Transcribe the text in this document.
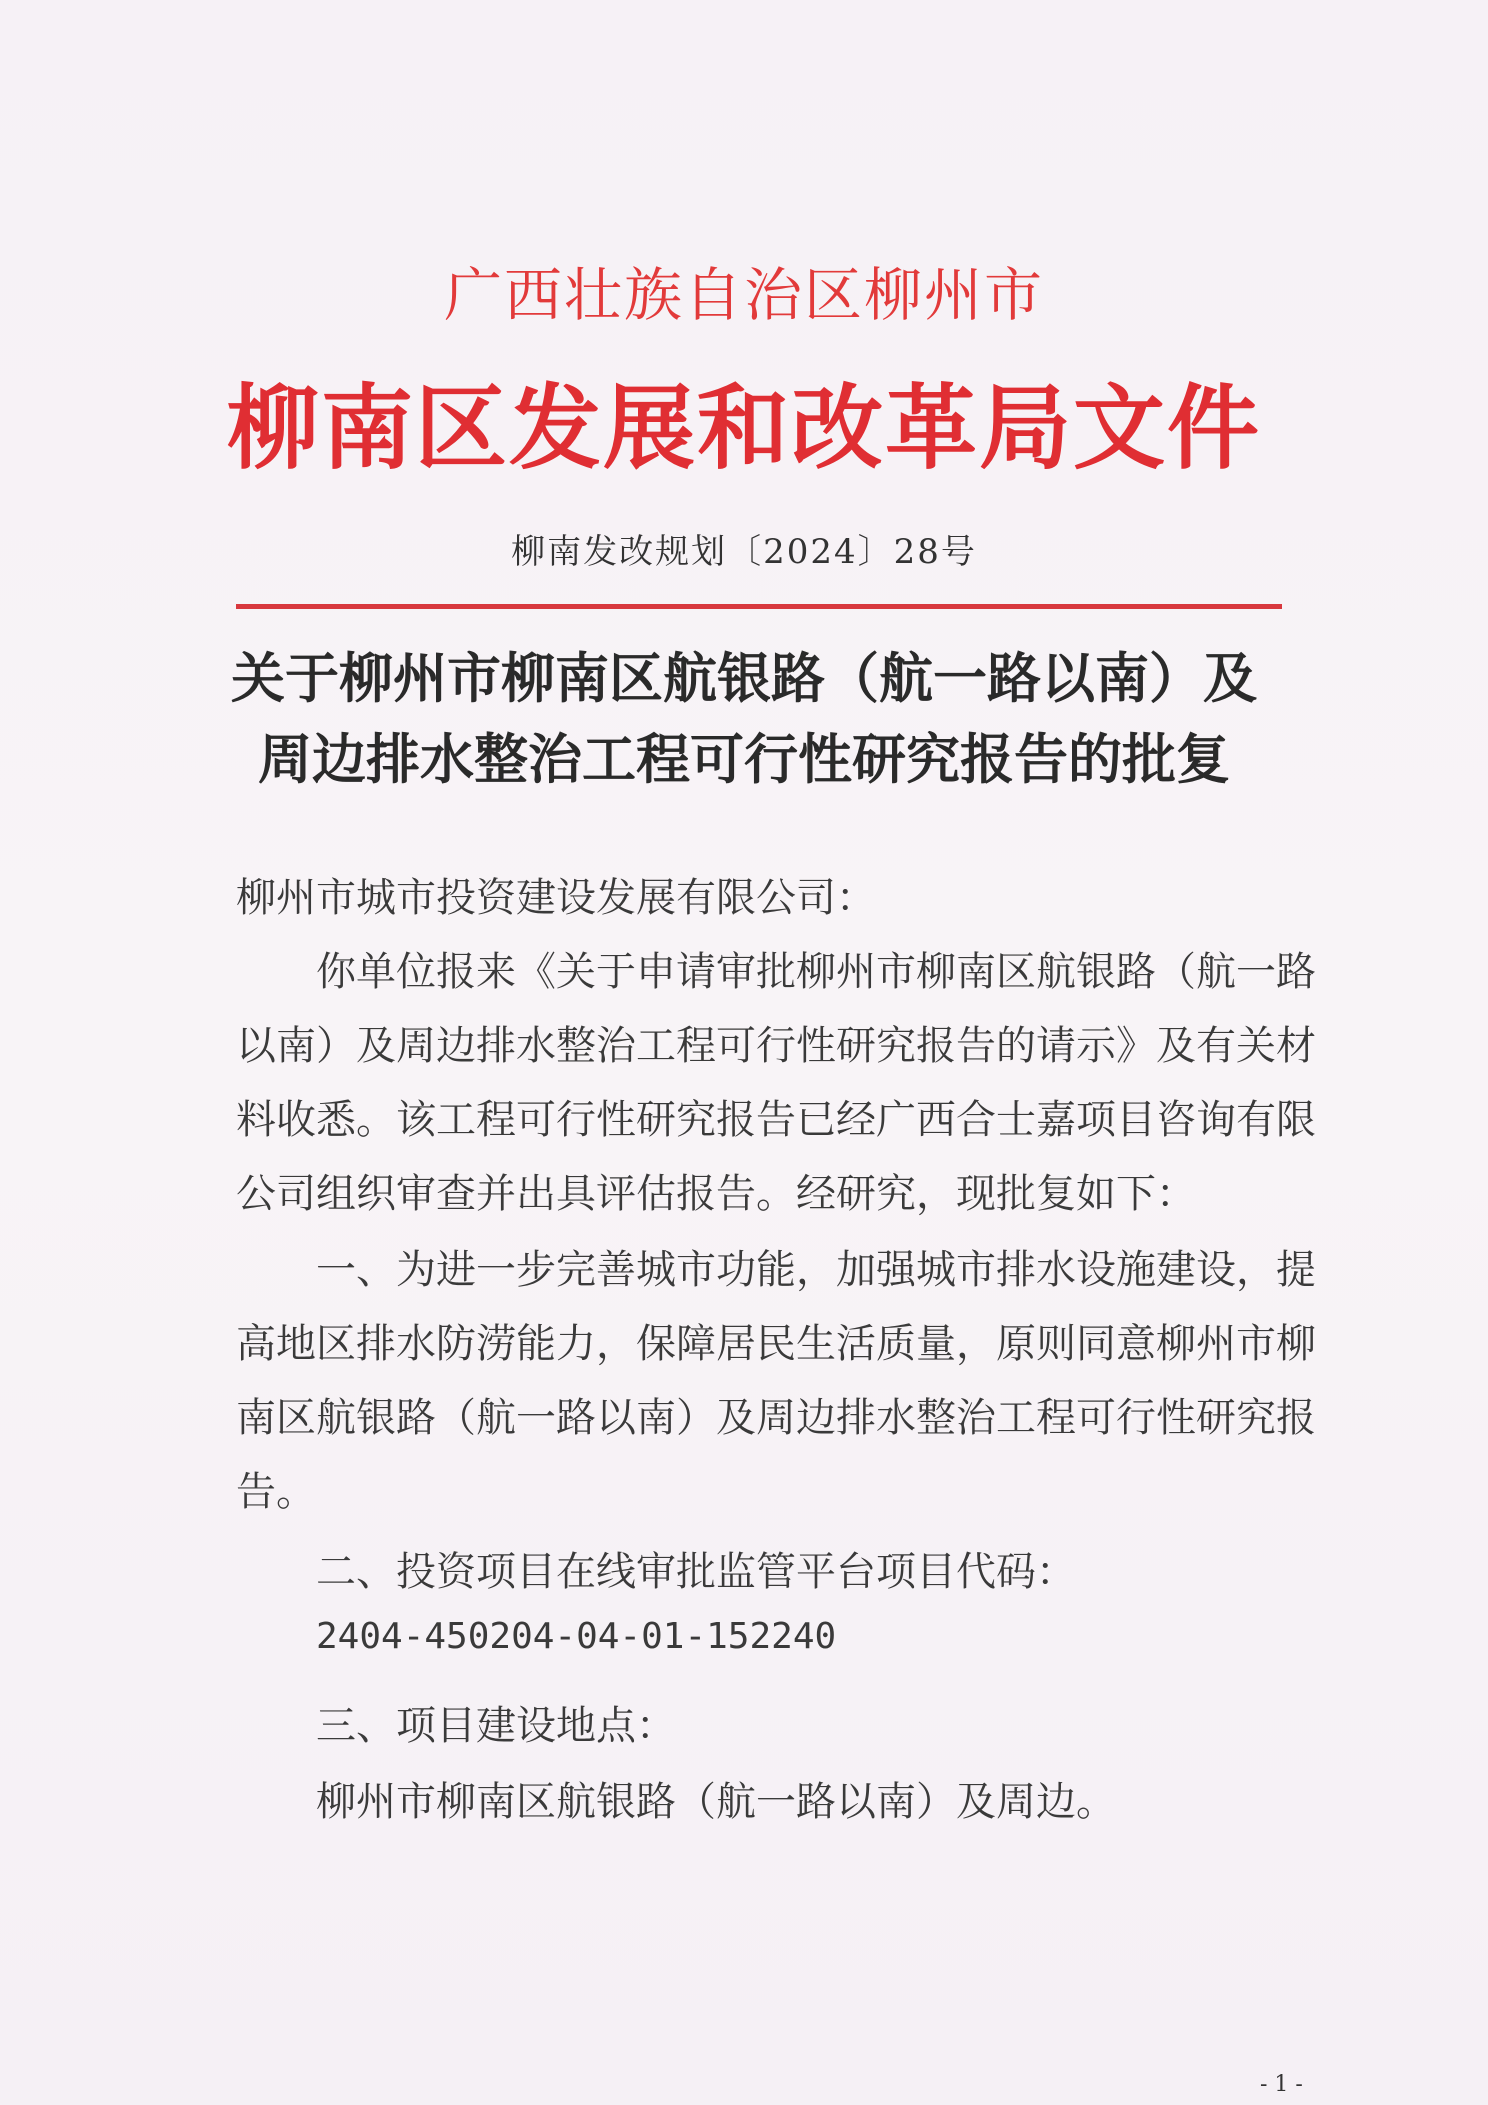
广西壮族自治区柳州市
柳南区发展和改革局文件
柳南发改规划〔2024〕28号
关于柳州市柳南区航银路（航一路以南）及
周边排水整治工程可行性研究报告的批复
柳州市城市投资建设发展有限公司：
你单位报来《关于申请审批柳州市柳南区航银路（航一路
以南）及周边排水整治工程可行性研究报告的请示》及有关材
料收悉。该工程可行性研究报告已经广西合士嘉项目咨询有限
公司组织审查并出具评估报告。经研究，现批复如下：
一、为进一步完善城市功能，加强城市排水设施建设，提
高地区排水防涝能力，保障居民生活质量，原则同意柳州市柳
南区航银路（航一路以南）及周边排水整治工程可行性研究报
告。
二、投资项目在线审批监管平台项目代码：
2404-450204-04-01-152240
三、项目建设地点：
柳州市柳南区航银路（航一路以南）及周边。
- 1 -
